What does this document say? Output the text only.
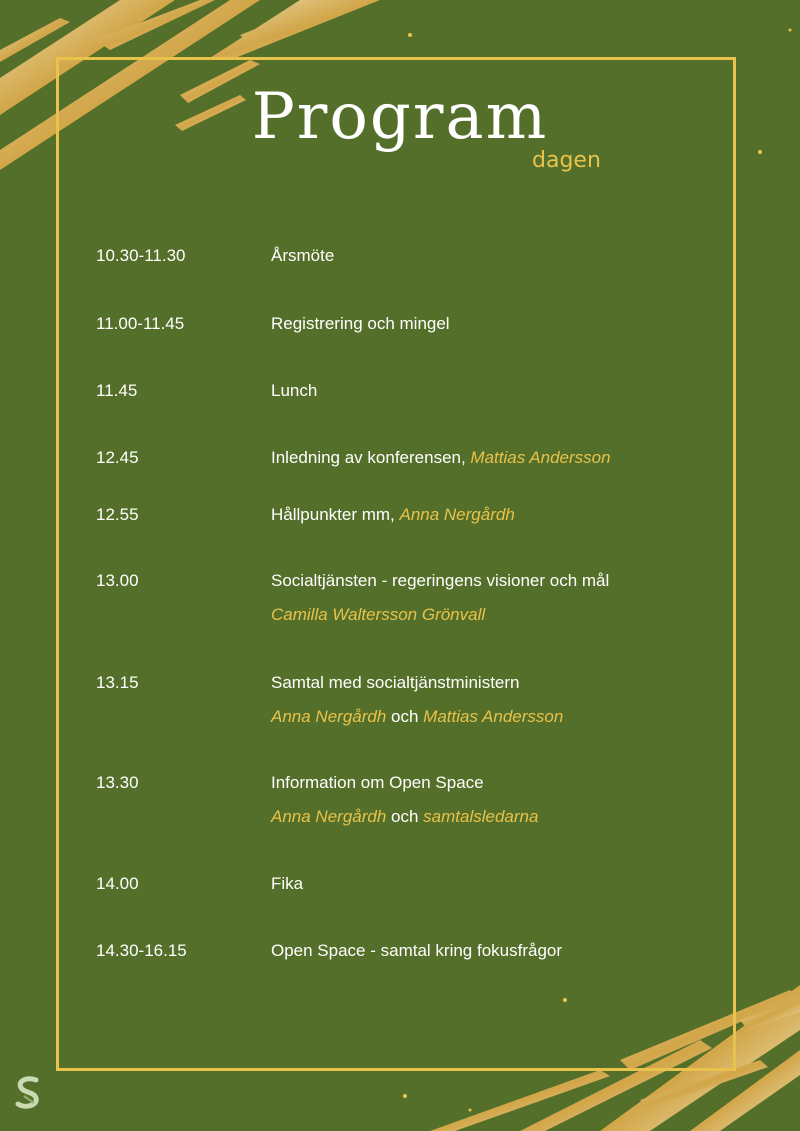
Program
dagen
10.30-11.30	Årsmöte
11.00-11.45	Registrering och mingel
11.45	Lunch
12.45	Inledning av konferensen, Mattias Andersson
12.55	Hållpunkter mm, Anna Nergårdh
13.00	Socialtjänsten - regeringens visioner och mål
Camilla Waltersson Grönvall
13.15	Samtal med socialtjänstministern
Anna Nergårdh och Mattias Andersson
13.30	Information om Open Space
Anna Nergårdh och samtalsledarna
14.00	Fika
14.30-16.15	Open Space - samtal kring fokusfrågor
